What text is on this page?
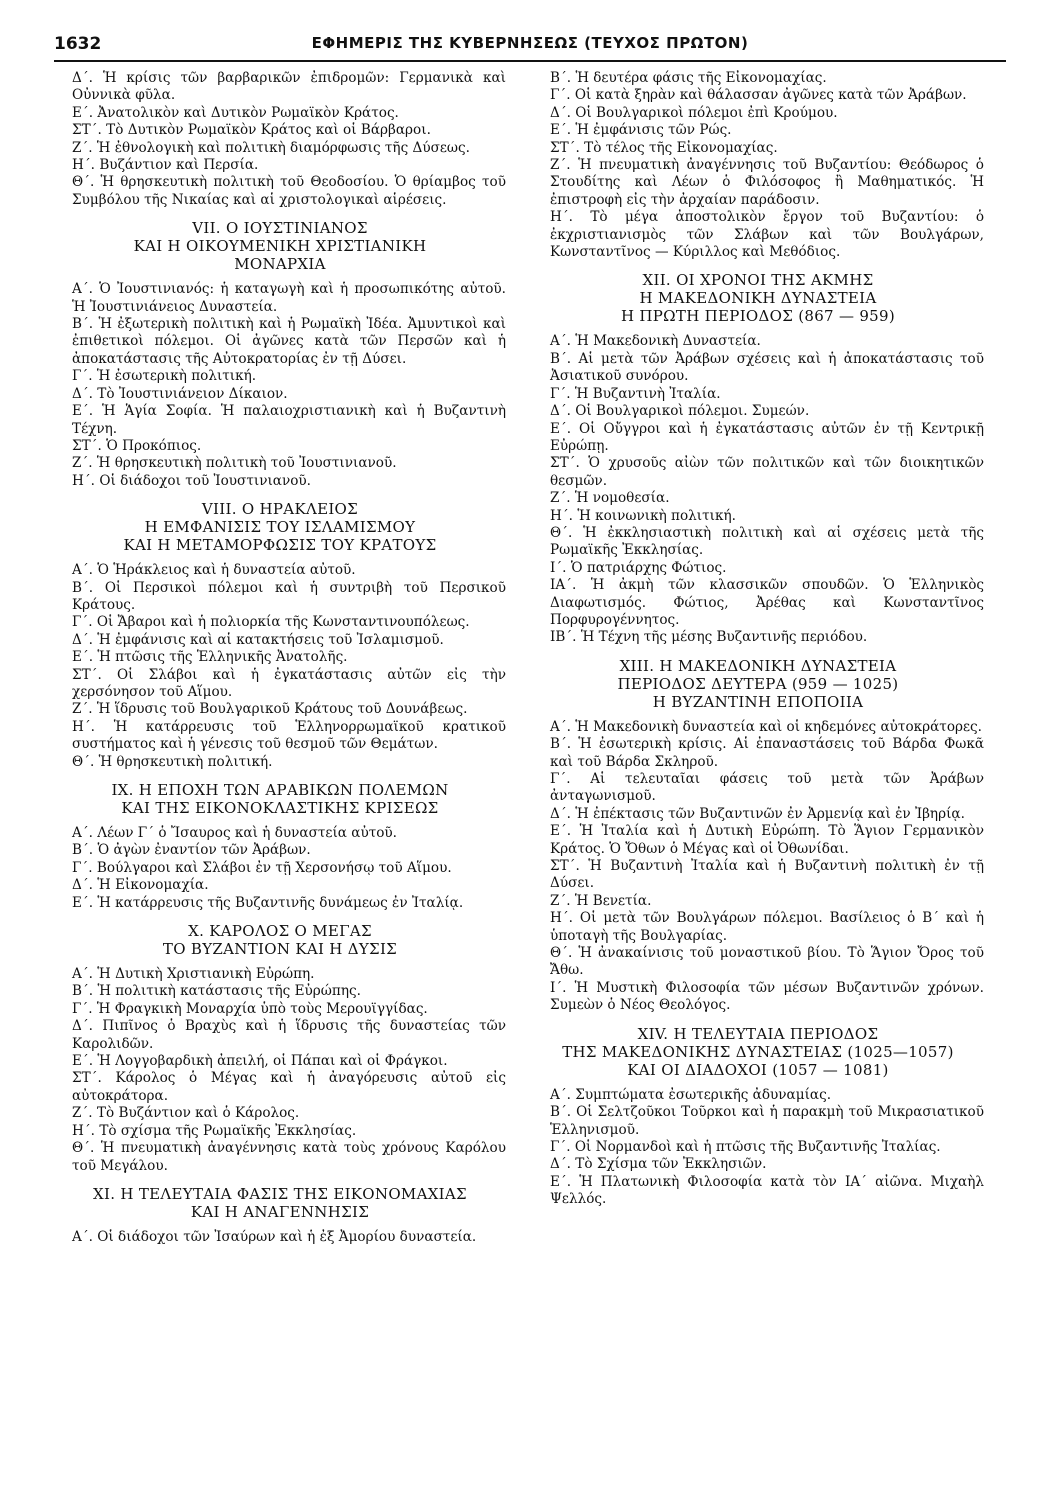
1632	ΕΦΗΜΕΡΙΣ ΤΗΣ ΚΥΒΕΡΝΗΣΕΩΣ (ΤΕΥΧΟΣ ΠΡΩΤΟΝ)

Δ΄. Ἡ κρίσις τῶν βαρβαρικῶν ἐπιδρομῶν: Γερμανικὰ καὶ Οὐννικὰ φῦλα.

Ε΄. Ἀνατολικὸν καὶ Δυτικὸν Ρωμαϊκὸν Κράτος.

ΣΤ΄. Τὸ Δυτικὸν Ρωμαϊκὸν Κράτος καὶ οἱ Βάρβαροι.

Ζ΄. Ἡ ἐθνολογικὴ καὶ πολιτικὴ διαμόρφωσις τῆς Δύσεως.

Η΄. Βυζάντιον καὶ Περσία.

Θ΄. Ἡ θρησκευτικὴ πολιτικὴ τοῦ Θεοδοσίου. Ὁ θρίαμβος τοῦ Συμβόλου τῆς Νικαίας καὶ αἱ χριστολογικαὶ αἱρέσεις.

VII. Ο ΙΟΥΣΤΙΝΙΑΝΟΣ
ΚΑΙ Η ΟΙΚΟΥΜΕΝΙΚΗ ΧΡΙΣΤΙΑΝΙΚΗ
ΜΟΝΑΡΧΙΑ

Α΄. Ὁ Ἰουστινιανός: ἡ καταγωγὴ καὶ ἡ προσωπικότης αὐτοῦ. Ἡ Ἰουστινιάνειος Δυναστεία.

Β΄. Ἡ ἐξωτερικὴ πολιτικὴ καὶ ἡ Ρωμαϊκὴ Ἰδέα. Ἀμυντικοὶ καὶ ἐπιθετικοὶ πόλεμοι. Οἱ ἀγῶνες κατὰ τῶν Περσῶν καὶ ἡ ἀποκατάστασις τῆς Αὐτοκρατορίας ἐν τῇ Δύσει.

Γ΄. Ἡ ἐσωτερικὴ πολιτική.

Δ΄. Τὸ Ἰουστινιάνειον Δίκαιον.

Ε΄. Ἡ Ἁγία Σοφία. Ἡ παλαιοχριστιανικὴ καὶ ἡ Βυζαντινὴ Τέχνη.

ΣΤ΄. Ὁ Προκόπιος.

Ζ΄. Ἡ θρησκευτικὴ πολιτικὴ τοῦ Ἰουστινιανοῦ.

Η΄. Οἱ διάδοχοι τοῦ Ἰουστινιανοῦ.

VIII. Ο ΗΡΑΚΛΕΙΟΣ
Η ΕΜΦΑΝΙΣΙΣ ΤΟΥ ΙΣΛΑΜΙΣΜΟΥ
ΚΑΙ Η ΜΕΤΑΜΟΡΦΩΣΙΣ ΤΟΥ ΚΡΑΤΟΥΣ

Α΄. Ὁ Ἡράκλειος καὶ ἡ δυναστεία αὐτοῦ.

Β΄. Οἱ Περσικοὶ πόλεμοι καὶ ἡ συντριβὴ τοῦ Περσικοῦ Κράτους.

Γ΄. Οἱ Ἄβαροι καὶ ἡ πολιορκία τῆς Κωνσταντινουπόλεως.

Δ΄. Ἡ ἐμφάνισις καὶ αἱ κατακτήσεις τοῦ Ἰσλαμισμοῦ.

Ε΄. Ἡ πτῶσις τῆς Ἑλληνικῆς Ἀνατολῆς.

ΣΤ΄. Οἱ Σλάβοι καὶ ἡ ἐγκατάστασις αὐτῶν εἰς τὴν χερσόνησον τοῦ Αἵμου.

Ζ΄. Ἡ ἵδρυσις τοῦ Βουλγαρικοῦ Κράτους τοῦ Δουνάβεως.

Η΄. Ἡ κατάρρευσις τοῦ Ἑλληνορρωμαϊκοῦ κρατικοῦ συστήματος καὶ ἡ γένεσις τοῦ θεσμοῦ τῶν Θεμάτων.

Θ΄. Ἡ θρησκευτικὴ πολιτική.

IX. Η ΕΠΟΧΗ ΤΩΝ ΑΡΑΒΙΚΩΝ ΠΟΛΕΜΩΝ
ΚΑΙ ΤΗΣ ΕΙΚΟΝΟΚΛΑΣΤΙΚΗΣ ΚΡΙΣΕΩΣ

Α΄. Λέων Γ΄ ὁ Ἴσαυρος καὶ ἡ δυναστεία αὐτοῦ.

Β΄. Ὁ ἀγὼν ἐναντίον τῶν Ἀράβων.

Γ΄. Βούλγαροι καὶ Σλάβοι ἐν τῇ Χερσονήσῳ τοῦ Αἵμου.

Δ΄. Ἡ Εἰκονομαχία.

Ε΄. Ἡ κατάρρευσις τῆς Βυζαντινῆς δυνάμεως ἐν Ἰταλίᾳ.

X. ΚΑΡΟΛΟΣ Ο ΜΕΓΑΣ
ΤΟ ΒΥΖΑΝΤΙΟΝ ΚΑΙ Η ΔΥΣΙΣ

Α΄. Ἡ Δυτικὴ Χριστιανικὴ Εὐρώπη.

Β΄. Ἡ πολιτικὴ κατάστασις τῆς Εὐρώπης.

Γ΄. Ἡ Φραγκικὴ Μοναρχία ὑπὸ τοὺς Μερουϊγγίδας.

Δ΄. Πιπῖνος ὁ Βραχὺς καὶ ἡ ἵδρυσις τῆς δυναστείας τῶν Καρολιδῶν.

Ε΄. Ἡ Λογγοβαρδικὴ ἀπειλή, οἱ Πάπαι καὶ οἱ Φράγκοι.

ΣΤ΄. Κάρολος ὁ Μέγας καὶ ἡ ἀναγόρευσις αὐτοῦ εἰς αὐτοκράτορα.

Ζ΄. Τὸ Βυζάντιον καὶ ὁ Κάρολος.

Η΄. Τὸ σχίσμα τῆς Ρωμαϊκῆς Ἐκκλησίας.

Θ΄. Ἡ πνευματικὴ ἀναγέννησις κατὰ τοὺς χρόνους Καρόλου τοῦ Μεγάλου.

XI. Η ΤΕΛΕΥΤΑΙΑ ΦΑΣΙΣ ΤΗΣ ΕΙΚΟΝΟΜΑΧΙΑΣ
ΚΑΙ Η ΑΝΑΓΕΝΝΗΣΙΣ

Α΄. Οἱ διάδοχοι τῶν Ἰσαύρων καὶ ἡ ἐξ Ἀμορίου δυναστεία.

Β΄. Ἡ δευτέρα φάσις τῆς Εἰκονομαχίας.

Γ΄. Οἱ κατὰ ξηρὰν καὶ θάλασσαν ἀγῶνες κατὰ τῶν Ἀράβων.

Δ΄. Οἱ Βουλγαρικοὶ πόλεμοι ἐπὶ Κρούμου.

Ε΄. Ἡ ἐμφάνισις τῶν Ρώς.

ΣΤ΄. Τὸ τέλος τῆς Εἰκονομαχίας.

Ζ΄. Ἡ πνευματικὴ ἀναγέννησις τοῦ Βυζαντίου: Θεόδωρος ὁ Στουδίτης καὶ Λέων ὁ Φιλόσοφος ἢ Μαθηματικός. Ἡ ἐπιστροφὴ εἰς τὴν ἀρχαίαν παράδοσιν.

Η΄. Τὸ μέγα ἀποστολικὸν ἔργον τοῦ Βυζαντίου: ὁ ἐκχριστιανισμὸς τῶν Σλάβων καὶ τῶν Βουλγάρων, Κωνσταντῖνος — Κύριλλος καὶ Μεθόδιος.

XII. ΟΙ ΧΡΟΝΟΙ ΤΗΣ ΑΚΜΗΣ
Η ΜΑΚΕΔΟΝΙΚΗ ΔΥΝΑΣΤΕΙΑ
Η ΠΡΩΤΗ ΠΕΡΙΟΔΟΣ (867 — 959)

Α΄. Ἡ Μακεδονικὴ Δυναστεία.

Β΄. Αἱ μετὰ τῶν Ἀράβων σχέσεις καὶ ἡ ἀποκατάστασις τοῦ Ἀσιατικοῦ συνόρου.

Γ΄. Ἡ Βυζαντινὴ Ἰταλία.

Δ΄. Οἱ Βουλγαρικοὶ πόλεμοι. Συμεών.

Ε΄. Οἱ Οὔγγροι καὶ ἡ ἐγκατάστασις αὐτῶν ἐν τῇ Κεντρικῇ Εὐρώπῃ.

ΣΤ΄. Ὁ χρυσοῦς αἰὼν τῶν πολιτικῶν καὶ τῶν διοικητικῶν θεσμῶν.

Ζ΄. Ἡ νομοθεσία.

Η΄. Ἡ κοινωνικὴ πολιτική.

Θ΄. Ἡ ἐκκλησιαστικὴ πολιτικὴ καὶ αἱ σχέσεις μετὰ τῆς Ρωμαϊκῆς Ἐκκλησίας.

Ι΄. Ὁ πατριάρχης Φώτιος.

ΙΑ΄. Ἡ ἀκμὴ τῶν κλασσικῶν σπουδῶν. Ὁ Ἑλληνικὸς Διαφωτισμός. Φώτιος, Ἀρέθας καὶ Κωνσταντῖνος Πορφυρογέννητος.

ΙΒ΄. Ἡ Τέχνη τῆς μέσης Βυζαντινῆς περιόδου.

XIII. Η ΜΑΚΕΔΟΝΙΚΗ ΔΥΝΑΣΤΕΙΑ
ΠΕΡΙΟΔΟΣ ΔΕΥΤΕΡΑ (959 — 1025)
Η ΒΥΖΑΝΤΙΝΗ ΕΠΟΠΟΙΙΑ

Α΄. Ἡ Μακεδονικὴ δυναστεία καὶ οἱ κηδεμόνες αὐτοκράτορες.

Β΄. Ἡ ἐσωτερικὴ κρίσις. Αἱ ἐπαναστάσεις τοῦ Βάρδα Φωκᾶ καὶ τοῦ Βάρδα Σκληροῦ.

Γ΄. Αἱ τελευταῖαι φάσεις τοῦ μετὰ τῶν Ἀράβων ἀνταγωνισμοῦ.

Δ΄. Ἡ ἐπέκτασις τῶν Βυζαντινῶν ἐν Ἀρμενίᾳ καὶ ἐν Ἰβηρίᾳ.

Ε΄. Ἡ Ἰταλία καὶ ἡ Δυτικὴ Εὐρώπη. Τὸ Ἅγιον Γερμανικὸν Κράτος. Ὁ Ὄθων ὁ Μέγας καὶ οἱ Ὀθωνίδαι.

ΣΤ΄. Ἡ Βυζαντινὴ Ἰταλία καὶ ἡ Βυζαντινὴ πολιτικὴ ἐν τῇ Δύσει.

Ζ΄. Ἡ Βενετία.

Η΄. Οἱ μετὰ τῶν Βουλγάρων πόλεμοι. Βασίλειος ὁ Β΄ καὶ ἡ ὑποταγὴ τῆς Βουλγαρίας.

Θ΄. Ἡ ἀνακαίνισις τοῦ μοναστικοῦ βίου. Τὸ Ἅγιον Ὄρος τοῦ Ἄθω.

Ι΄. Ἡ Μυστικὴ Φιλοσοφία τῶν μέσων Βυζαντινῶν χρόνων. Συμεὼν ὁ Νέος Θεολόγος.

XIV. Η ΤΕΛΕΥΤΑΙΑ ΠΕΡΙΟΔΟΣ
ΤΗΣ ΜΑΚΕΔΟΝΙΚΗΣ ΔΥΝΑΣΤΕΙΑΣ (1025—1057)
ΚΑΙ ΟΙ ΔΙΑΔΟΧΟΙ (1057 — 1081)

Α΄. Συμπτώματα ἐσωτερικῆς ἀδυναμίας.

Β΄. Οἱ Σελτζοῦκοι Τοῦρκοι καὶ ἡ παρακμὴ τοῦ Μικρασιατικοῦ Ἑλληνισμοῦ.

Γ΄. Οἱ Νορμανδοὶ καὶ ἡ πτῶσις τῆς Βυζαντινῆς Ἰταλίας.

Δ΄. Τὸ Σχίσμα τῶν Ἐκκλησιῶν.

Ε΄. Ἡ Πλατωνικὴ Φιλοσοφία κατὰ τὸν ΙΑ΄ αἰῶνα. Μιχαὴλ Ψελλός.
